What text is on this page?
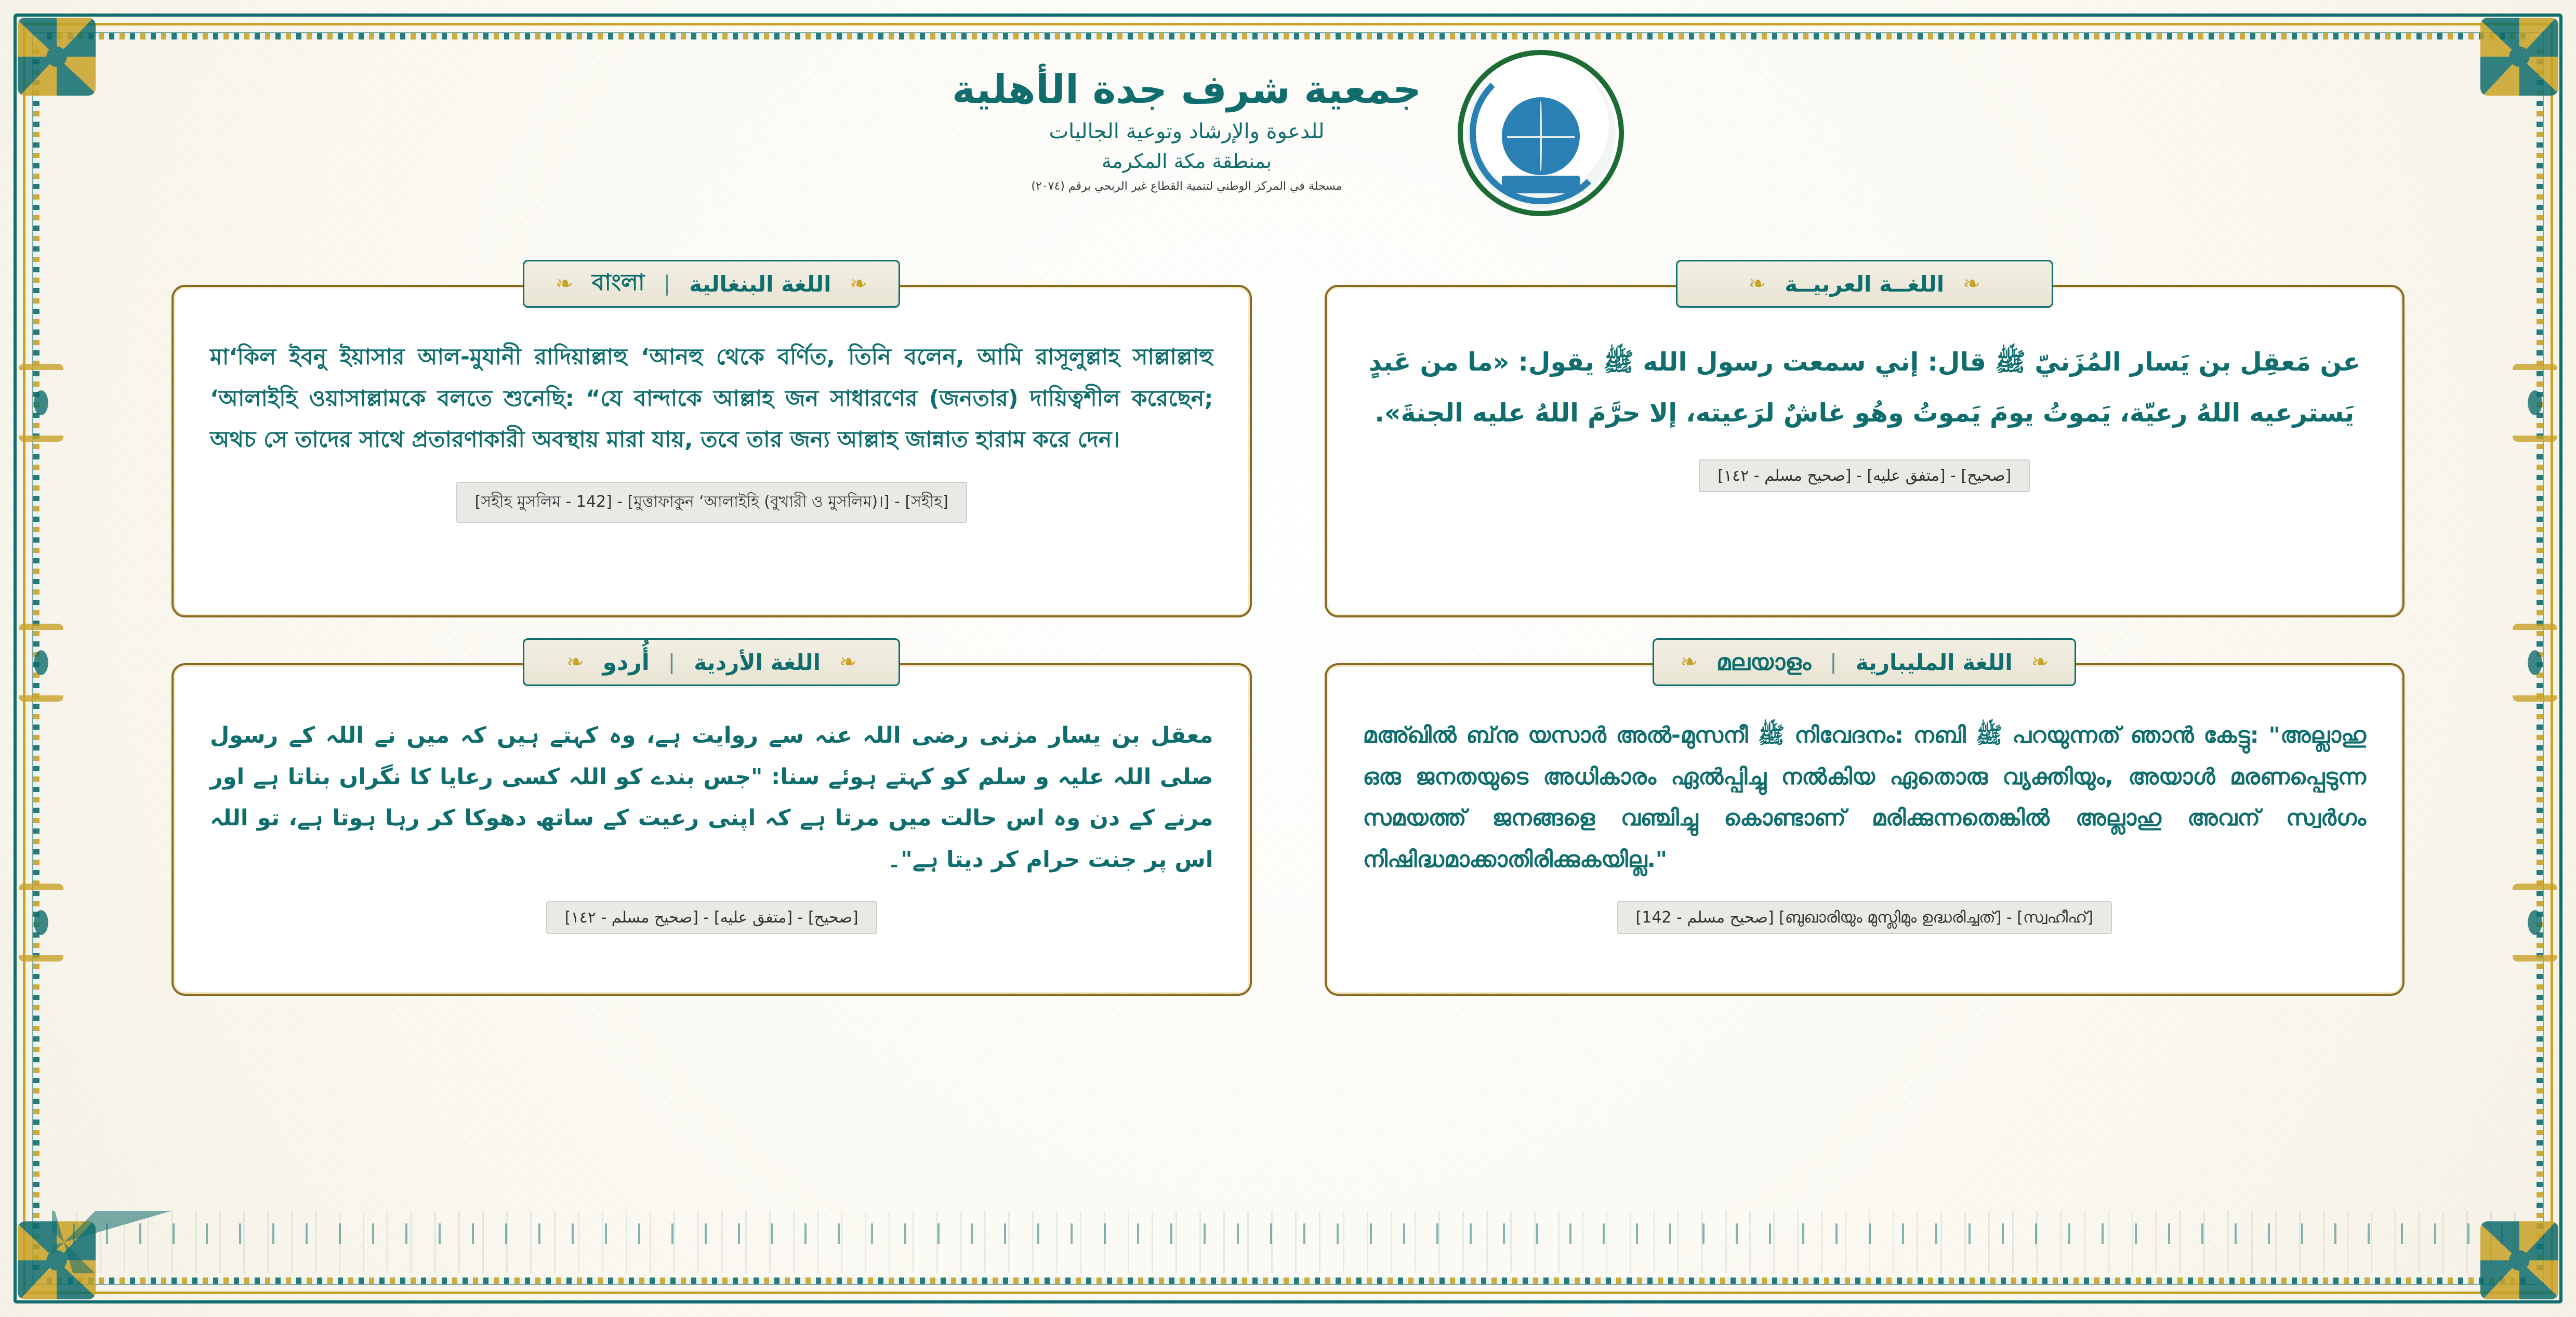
جمعية شرف جدة الأهلية
للدعوة والإرشاد وتوعية الجاليات
بمنطقة مكة المكرمة
مسجلة في المركز الوطني لتنمية القطاع غير الربحي برقم (٢٠٧٤)
❧ বাংলা | اللغة البنغالية ❧
মা‘কিল ইবনু ইয়াসার আল-মুযানী রাদিয়াল্লাহু ‘আনহু থেকে বর্ণিত, তিনি বলেন, আমি রাসূলুল্লাহ সাল্লাল্লাহু ‘আলাইহি ওয়াসাল্লামকে বলতে শুনেছি: “যে বান্দাকে আল্লাহ জন সাধারণের (জনতার) দায়িত্বশীল করেছেন; অথচ সে তাদের সাথে প্রতারণাকারী অবস্থায় মারা যায়, তবে তার জন্য আল্লাহ জান্নাত হারাম করে দেন।
[সহীহ] - [মুত্তাফাকুন ‘আলাইহি (বুখারী ও মুসলিম)।] - [সহীহ মুসলিম - 142]
❧ اللغــة العربيــة ❧
عن مَعقِل بن يَسار المُزَنيّ ﷺ قال: إني سمعت رسول الله ﷺ يقول: «ما من عَبدٍ يَسترعيه اللهُ رعيّة، يَموتُ يومَ يَموتُ وهُو غاشٌ لرَعيته، إلا حرَّمَ اللهُ عليه الجنةَ».
[صحيح] - [متفق عليه] - [صحيح مسلم - ١٤٢]
❧ أُردو | اللغة الأردية ❧
معقل بن یسار مزنی رضی اللہ عنہ سے روایت ہے، وہ کہتے ہیں کہ میں نے اللہ کے رسول صلی اللہ علیہ و سلم کو کہتے ہوئے سنا: "جس بندے کو اللہ کسی رعایا کا نگراں بناتا ہے اور مرنے کے دن وہ اس حالت میں مرتا ہے کہ اپنی رعیت کے ساتھ دھوکا کر رہا ہوتا ہے، تو اللہ اس پر جنت حرام کر دیتا ہے"۔
[صحيح] - [متفق عليه] - [صحيح مسلم - ١٤٢]
❧ മലയാളം | اللغة المليبارية ❧
മഅ്ഖിൽ ബ്‌നു യസാർ അൽ-മുസനീ ﷺ നിവേദനം: നബി ﷺ പറയുന്നത് ഞാൻ കേട്ടു: "അല്ലാഹു ഒരു ജനതയുടെ അധികാരം ഏൽപ്പിച്ചു നൽകിയ ഏതൊരു വ്യക്തിയും, അയാൾ മരണപ്പെടുന്ന സമയത്ത് ജനങ്ങളെ വഞ്ചിച്ചു കൊണ്ടാണ് മരിക്കുന്നതെങ്കിൽ അല്ലാഹു അവന് സ്വർഗം നിഷിദ്ധമാക്കാതിരിക്കുകയില്ല."
[സ്വഹീഹ്] - [ബുഖാരിയും മുസ്ലിമും ഉദ്ധരിച്ചത്] [صحيح مسلم - 142]
